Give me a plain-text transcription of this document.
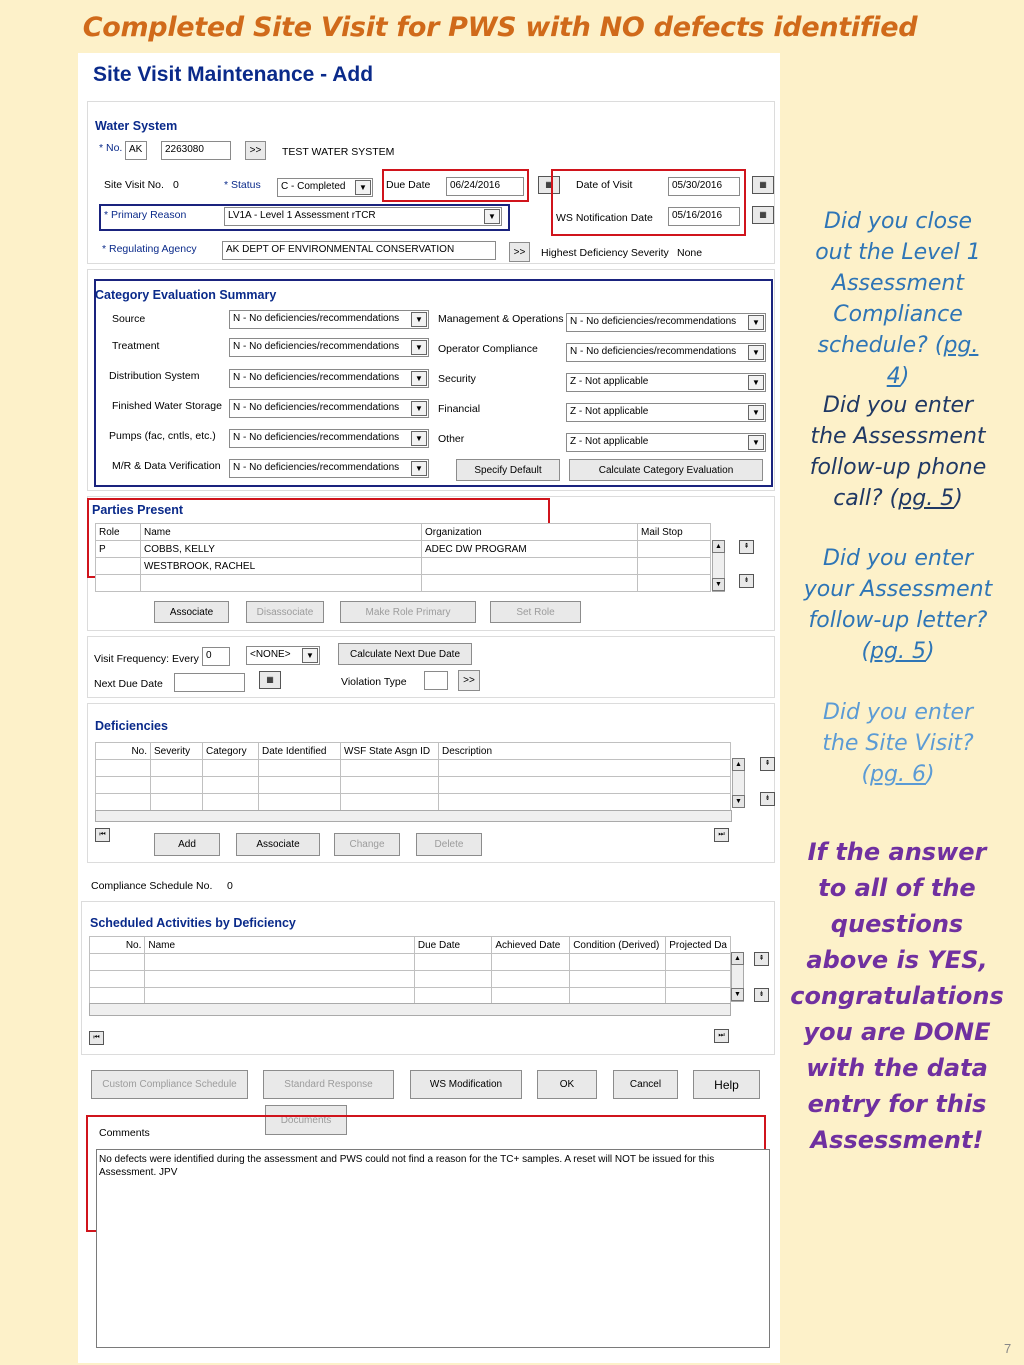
Completed Site Visit for PWS with NO defects identified
Site Visit Maintenance - Add
Water System
* No. AK	2263080	>>	TEST WATER SYSTEM
Site Visit No. 0	* Status	C - Completed	▼	Due Date	06/24/2016	▦	Date of Visit	05/30/2016	▦
WS Notification Date	05/16/2016	▦
* Primary Reason	LV1A - Level 1 Assessment rTCR	▼
* Regulating Agency	AK DEPT OF ENVIRONMENTAL CONSERVATION	>>	Highest Deficiency Severity None
Category Evaluation Summary
Source	N - No deficiencies/recommendations	▼
Treatment	N - No deficiencies/recommendations	▼
Distribution System	N - No deficiencies/recommendations	▼
Finished Water Storage	N - No deficiencies/recommendations	▼
Pumps (fac, cntls, etc.)	N - No deficiencies/recommendations	▼
M/R & Data Verification	N - No deficiencies/recommendations	▼
Management & Operations N - No deficiencies/recommendations	▼
Operator Compliance	N - No deficiencies/recommendations	▼
Security	Z - Not applicable	▼
Financial	Z - Not applicable	▼
Other	Z - Not applicable	▼
Specify Default	Calculate Category Evaluation
Parties Present
Role	Name	Organization	Mail Stop
P	COBBS, KELLY	ADEC DW PROGRAM	
	WESTBROOK, RACHEL		

▲
▼
⇞
⇟
Associate	Disassociate	Make Role Primary	Set Role
Visit Frequency: Every 0	<NONE>	▼	Calculate Next Due Date
Next Due Date	▦	Violation Type	>>
Deficiencies
No.	Severity	Category	Date Identified	WSF State Asgn ID	Description

▲
▼
⇞
⇟
⏮	⏭
Add	Associate	Change	Delete
Compliance Schedule No. 0
Scheduled Activities by Deficiency
No.	Name	Due Date	Achieved Date	Condition (Derived)	Projected Da

▲
▼
⇞
⇟
⏮	⏭
Custom Compliance Schedule	Standard Response	WS Modification	OK	Cancel	Help
Documents
Comments
No defects were identified during the assessment and PWS could not find a reason for the TC+ samples. A reset will NOT be issued for this Assessment. JPV
Did you close out the Level 1 Assessment Compliance schedule? (pg. 4)
Did you enter the Assessment follow-up phone call? (pg. 5)
Did you enter your Assessment follow-up letter? (pg. 5)
Did you enter the Site Visit? (pg. 6)
If the answer to all of the questions above is YES, congratulations you are DONE with the data entry for this Assessment!
7
